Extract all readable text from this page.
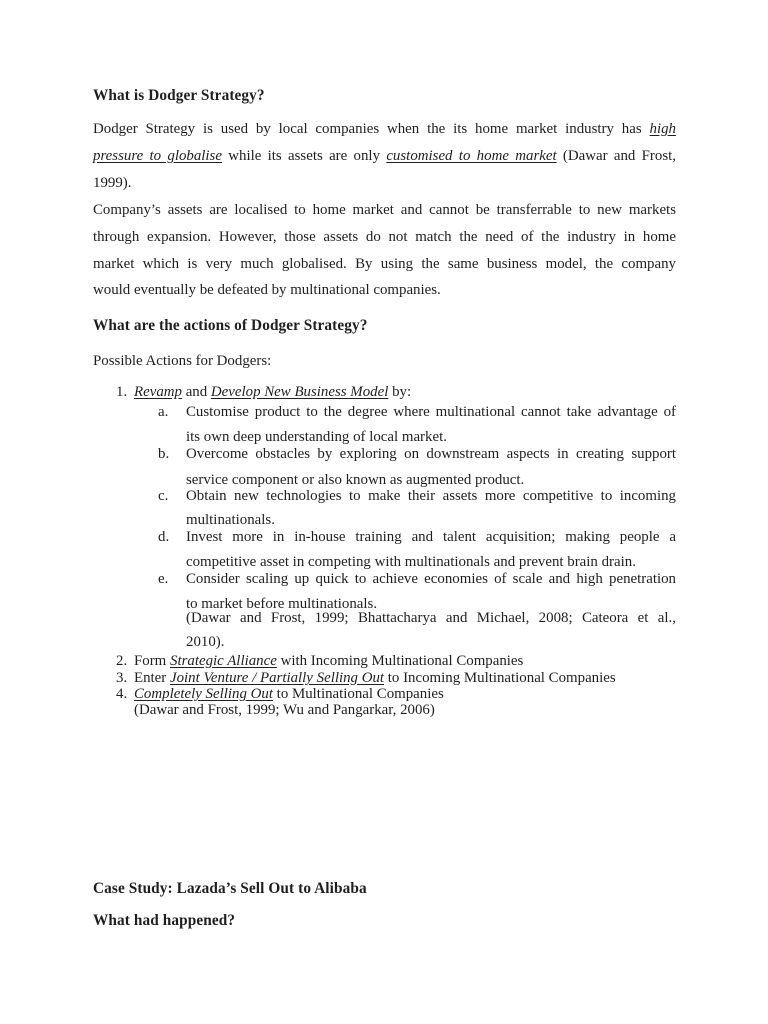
What is Dodger Strategy?
Dodger Strategy is used by local companies when the its home market industry has high
pressure to globalise while its assets are only customised to home market (Dawar and Frost,
1999).
Company’s assets are localised to home market and cannot be transferrable to new markets
through expansion. However, those assets do not match the need of the industry in home
market which is very much globalised. By using the same business model, the company
would eventually be defeated by multinational companies.
What are the actions of Dodger Strategy?
Possible Actions for Dodgers:
1. Revamp and Develop New Business Model by:
a. Customise product to the degree where multinational cannot take advantage of
its own deep understanding of local market.
b. Overcome obstacles by exploring on downstream aspects in creating support
service component or also known as augmented product.
c. Obtain new technologies to make their assets more competitive to incoming
multinationals.
d. Invest more in in-house training and talent acquisition; making people a
competitive asset in competing with multinationals and prevent brain drain.
e. Consider scaling up quick to achieve economies of scale and high penetration
to market before multinationals.
(Dawar and Frost, 1999; Bhattacharya and Michael, 2008; Cateora et al.,
2010).
2. Form Strategic Alliance with Incoming Multinational Companies
3. Enter Joint Venture / Partially Selling Out to Incoming Multinational Companies
4. Completely Selling Out to Multinational Companies
(Dawar and Frost, 1999; Wu and Pangarkar, 2006)
Case Study: Lazada’s Sell Out to Alibaba
What had happened?
